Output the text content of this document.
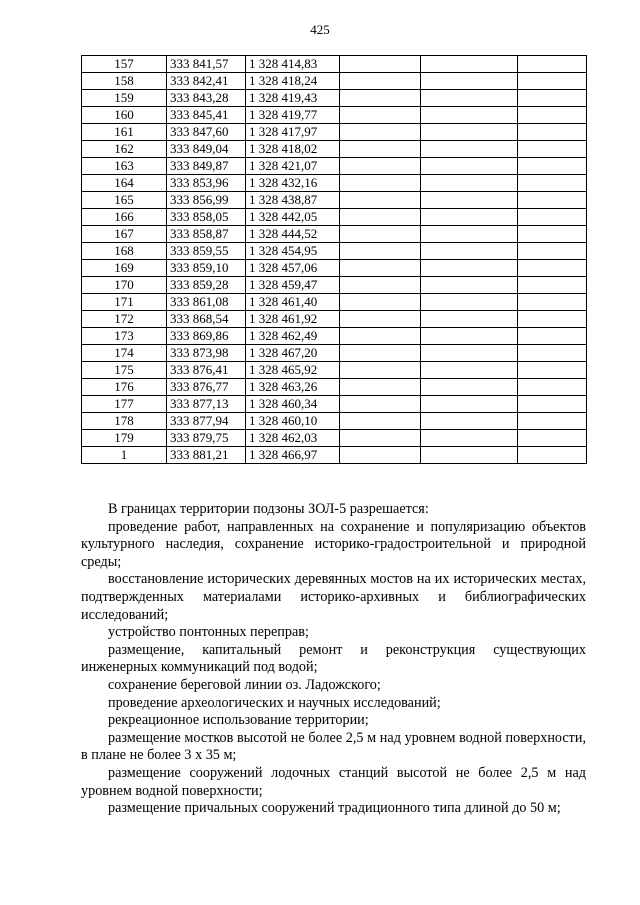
425
157	333 841,57	1 328 414,83			
158	333 842,41	1 328 418,24			
159	333 843,28	1 328 419,43			
160	333 845,41	1 328 419,77			
161	333 847,60	1 328 417,97			
162	333 849,04	1 328 418,02			
163	333 849,87	1 328 421,07			
164	333 853,96	1 328 432,16			
165	333 856,99	1 328 438,87			
166	333 858,05	1 328 442,05			
167	333 858,87	1 328 444,52			
168	333 859,55	1 328 454,95			
169	333 859,10	1 328 457,06			
170	333 859,28	1 328 459,47			
171	333 861,08	1 328 461,40			
172	333 868,54	1 328 461,92			
173	333 869,86	1 328 462,49			
174	333 873,98	1 328 467,20			
175	333 876,41	1 328 465,92			
176	333 876,77	1 328 463,26			
177	333 877,13	1 328 460,34			
178	333 877,94	1 328 460,10			
179	333 879,75	1 328 462,03			
1	333 881,21	1 328 466,97			

В границах территории подзоны ЗОЛ-5 разрешается:

проведение работ, направленных на сохранение и популяризацию объектов культурного наследия, сохранение историко-градостроительной и природной среды;

восстановление исторических деревянных мостов на их исторических местах, подтвержденных материалами историко-архивных и библиографических исследований;

устройство понтонных переправ;

размещение, капитальный ремонт и реконструкция существующих инженерных коммуникаций под водой;

сохранение береговой линии оз. Ладожского;

проведение археологических и научных исследований;

рекреационное использование территории;

размещение мостков высотой не более 2,5 м над уровнем водной поверхности, в плане не более 3 x 35 м;

размещение сооружений лодочных станций высотой не более 2,5 м над уровнем водной поверхности;

размещение причальных сооружений традиционного типа длиной до 50 м;
